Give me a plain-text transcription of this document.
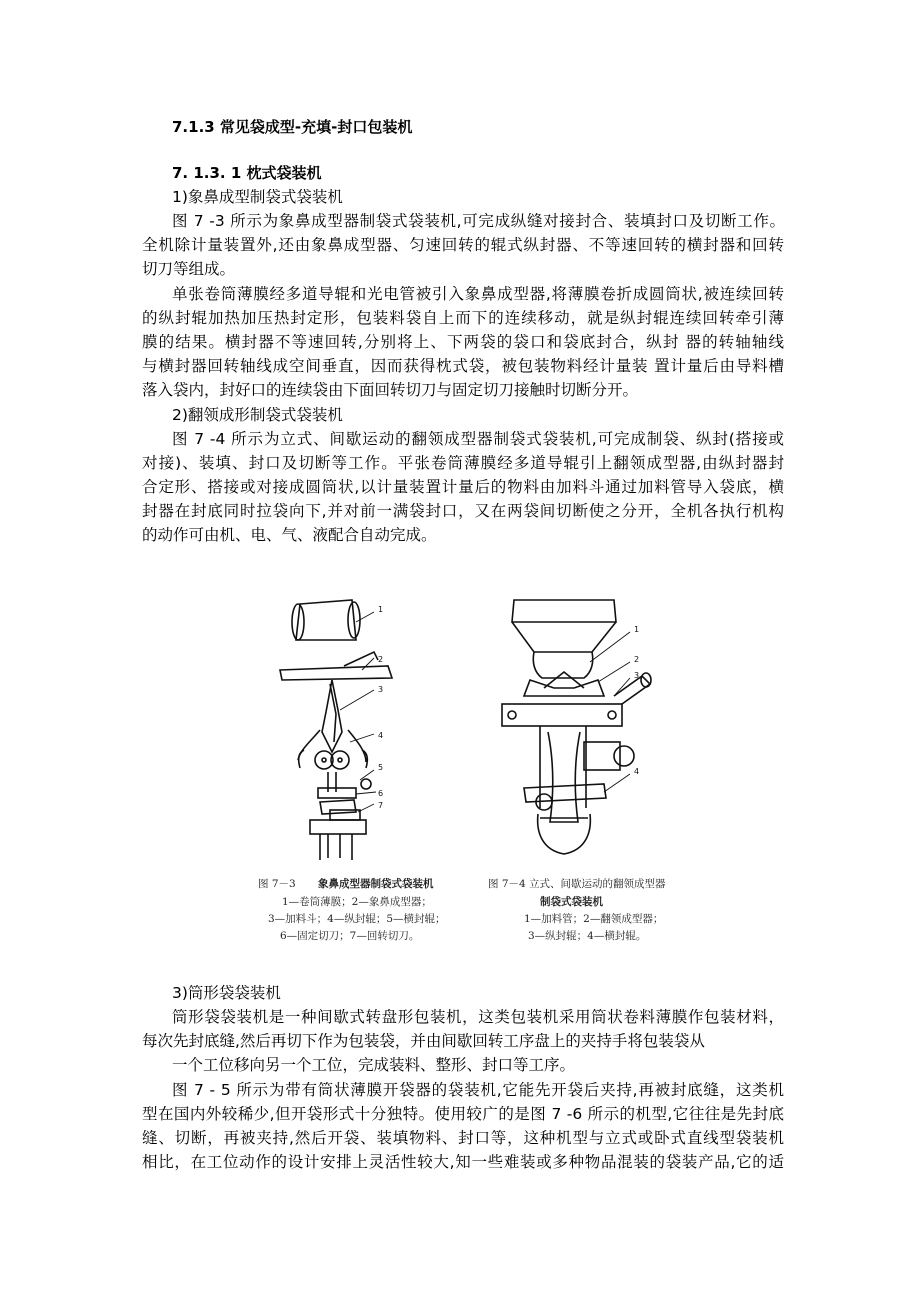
7.1.3 常见袋成型-充填-封口包装机
7. 1.3. 1 枕式袋装机
1)象鼻成型制袋式袋装机
图 7 -3 所示为象鼻成型器制袋式袋装机,可完成纵缝对接封合、装填封口及切断工作。
全机除计量装置外,还由象鼻成型器、匀速回转的辊式纵封器、不等速回转的横封器和回转
切刀等组成。
单张卷筒薄膜经多道导辊和光电管被引入象鼻成型器,将薄膜卷折成圆筒状,被连续回转
的纵封辊加热加压热封定形，包装料袋自上而下的连续移动，就是纵封辊连续回转牵引薄
膜的结果。横封器不等速回转,分别将上、下两袋的袋口和袋底封合，纵封 器的转轴轴线
与横封器回转轴线成空间垂直，因而获得枕式袋，被包装物料经计量装 置计量后由导料槽
落入袋内，封好口的连续袋由下面回转切刀与固定切刀接触时切断分开。
2)翻领成形制袋式袋装机
图 7 -4 所示为立式、间歇运动的翻领成型器制袋式袋装机,可完成制袋、纵封(搭接或
对接)、装填、封口及切断等工作。平张卷筒薄膜经多道导辊引上翻领成型器,由纵封器封
合定形、搭接或对接成圆筒状,以计量装置计量后的物料由加料斗通过加料管导入袋底，横
封器在封底同时拉袋向下,并对前一满袋封口，又在两袋间切断使之分开，全机各执行机构
的动作可由机、电、气、液配合自动完成。
1
2
3
4
5
6
7
图 7－3 象鼻成型器制袋式袋装机
1—卷筒薄膜；2—象鼻成型器；
3—加料斗；4—纵封辊；5—横封辊；
6—固定切刀；7—回转切刀。
1
2
3
4
图 7－4 立式、间歇运动的翻领成型器
制袋式袋装机
1—加料管；2—翻领成型器；
3—纵封辊；4—横封辊。
3)筒形袋袋装机
筒形袋袋装机是一种间歇式转盘形包装机，这类包装机采用筒状卷料薄膜作包装材料，
每次先封底缝,然后再切下作为包装袋，并由间歇回转工序盘上的夹持手将包装袋从
一个工位移向另一个工位，完成装料、整形、封口等工序。
图 7 - 5 所示为带有筒状薄膜开袋器的袋装机,它能先开袋后夹持,再被封底缝，这类机
型在国内外较稀少,但开袋形式十分独特。使用较广的是图 7 -6 所示的机型,它往往是先封底
缝、切断，再被夹持,然后开袋、装填物料、封口等，这种机型与立式或卧式直线型袋装机
相比，在工位动作的设计安排上灵活性较大,知一些难装或多种物品混装的袋装产品,它的适
